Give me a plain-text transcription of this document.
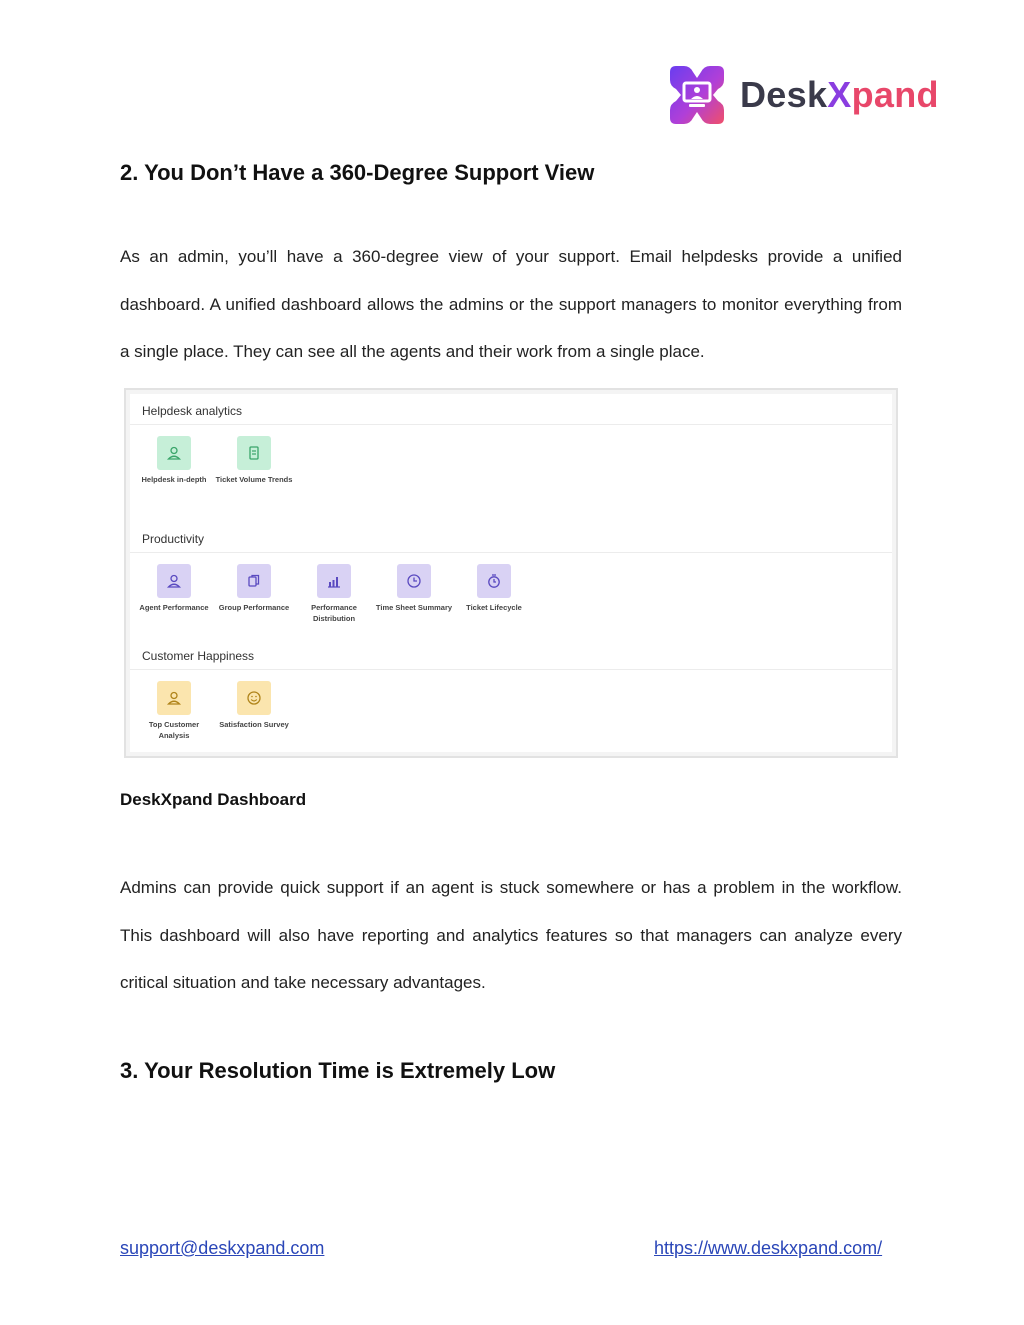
DeskXpand
2. You Don’t Have a 360-Degree Support View

As an admin, you’ll have a 360-degree view of your support. Email helpdesks provide a unified dashboard. A unified dashboard allows the admins or the support managers to monitor everything from a single place. They can see all the agents and their work from a single place.

Helpdesk analytics
Helpdesk in-depth	Ticket Volume Trends
Productivity
Agent Performance	Group Performance	Performance Distribution
Time Sheet Summary	Ticket Lifecycle
Customer Happiness
Top Customer Analysis
Satisfaction Survey
DeskXpand Dashboard

Admins can provide quick support if an agent is stuck somewhere or has a problem in the workflow. This dashboard will also have reporting and analytics features so that managers can analyze every critical situation and take necessary advantages.

3. Your Resolution Time is Extremely Low
support@deskxpand.com	https://www.deskxpand.com/
